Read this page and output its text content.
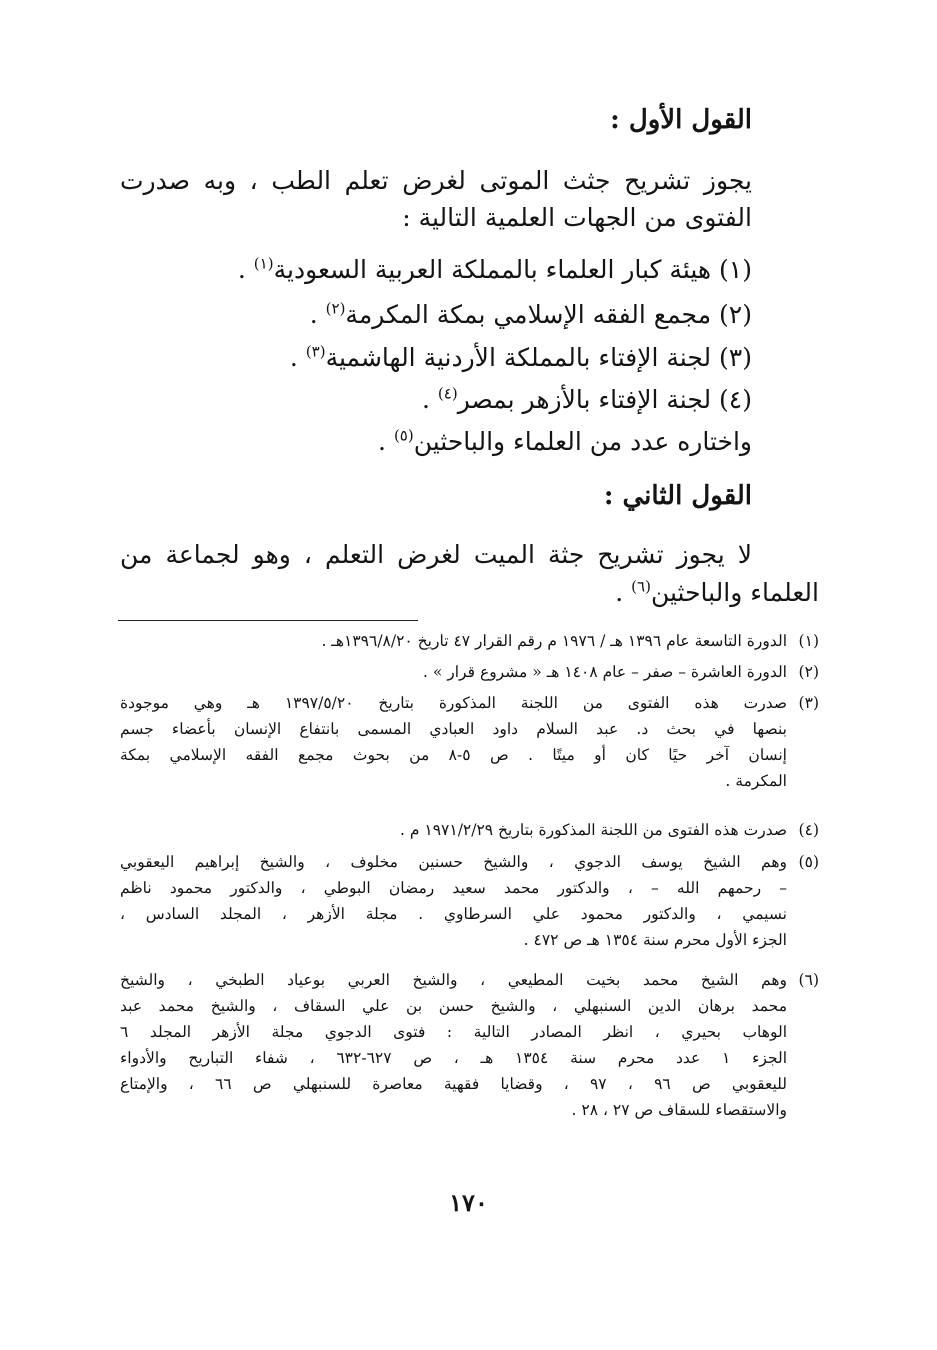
القول الأول :
يجوز تشريح جثث الموتى لغرض تعلم الطب ، وبه صدرت
الفتوى من الجهات العلمية التالية :
(١) هيئة كبار العلماء بالمملكة العربية السعودية$^{(١)}$ .
(٢) مجمع الفقه الإسلامي بمكة المكرمة$^{(٢)}$ .
(٣) لجنة الإفتاء بالمملكة الأردنية الهاشمية$^{(٣)}$ .
(٤) لجنة الإفتاء بالأزهر بمصر$^{(٤)}$ .
واختاره عدد من العلماء والباحثين$^{(٥)}$ .
القول الثاني :
لا يجوز تشريح جثة الميت لغرض التعلم ، وهو لجماعة من
العلماء والباحثين$^{(٦)}$ .
(١)
الدورة التاسعة عام ١٣٩٦ هـ / ١٩٧٦ م رقم القرار ٤٧ تاريخ ١٣٩٦/٨/٢٠هـ .
(٢)
الدورة العاشرة – صفر – عام ١٤٠٨ هـ « مشروع قرار » .
(٣)
صدرت هذه الفتوى من اللجنة المذكورة بتاريخ ١٣٩٧/٥/٢٠ هـ وهي موجودة
بنصها في بحث د. عبد السلام داود العبادي المسمى بانتفاع الإنسان بأعضاء جسم
إنسان آخر حيًا كان أو ميتًا . ص ٥-٨ من بحوث مجمع الفقه الإسلامي بمكة
المكرمة .
(٤)
صدرت هذه الفتوى من اللجنة المذكورة بتاريخ ١٩٧١/٢/٢٩ م .
(٥)
وهم الشيخ يوسف الدجوي ، والشيخ حسنين مخلوف ، والشيخ إبراهيم اليعقوبي
– رحمهم الله – ، والدكتور محمد سعيد رمضان البوطي ، والدكتور محمود ناظم
نسيمي ، والدكتور محمود علي السرطاوي . مجلة الأزهر ، المجلد السادس ،
الجزء الأول محرم سنة ١٣٥٤ هـ ص ٤٧٢ .
(٦)
وهم الشيخ محمد بخيت المطيعي ، والشيخ العربي بوعياد الطبخي ، والشيخ
محمد برهان الدين السنبهلي ، والشيخ حسن بن علي السقاف ، والشيخ محمد عبد
الوهاب بحيري ، انظر المصادر التالية : فتوى الدجوي مجلة الأزهر المجلد ٦
الجزء ١ عدد محرم سنة ١٣٥٤ هـ ، ص ٦٢٧-٦٣٢ ، شفاء التباريح والأدواء
لليعقوبي ص ٩٦ ، ٩٧ ، وقضايا فقهية معاصرة للسنبهلي ص ٦٦ ، والإمتاع
والاستقصاء للسقاف ص ٢٧ ، ٢٨ .
١٧٠
